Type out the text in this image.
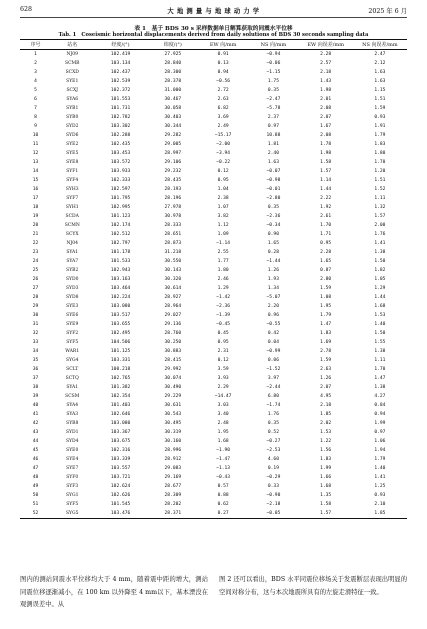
628	大 地 测 量 与 地 球 动 力 学	2025 年 6 月
表 1　基于 BDS 30 s 采样数据单日解算获取的同震水平位移
Tab. 1　Coseismic horizontal displacements derived from daily solutions of BDS 30 seconds sampling data
序号	站名	经度/(°)	纬度/(°)	EW 向/mm	NS 向/mm	EW 向误差/mm	NS 向误差/mm
1	NJ09	102.419	27.925	0.91	−0.94	2.28	2.47
2	SCMB	103.134	28.840	0.13	−0.06	2.57	2.12
3	SCXD	102.437	28.300	0.94	−1.15	2.18	1.63
4	SYE1	102.539	28.378	−0.56	1.75	1.43	1.63
5	SCXJ	102.372	31.000	2.72	0.35	1.98	1.15
6	SYA6	101.553	30.467	2.63	−2.47	2.01	1.51
7	SYB1	101.731	30.058	6.82	−5.78	2.08	1.59
8	SYB0	102.782	30.403	3.69	2.37	2.07	0.93
9	SYD2	103.302	30.344	2.49	0.97	1.67	1.91
10	SYD6	102.288	29.282	−15.17	10.88	2.08	1.79
11	SYE2	102.435	29.005	−2.00	1.81	1.78	1.83
12	SYE5	103.453	28.997	−3.94	2.40	1.98	1.80
13	SYE8	103.572	29.106	−0.22	1.63	1.58	1.70
14	SYF1	103.933	29.232	0.12	−0.07	1.57	1.20
15	SYF4	102.333	28.435	0.95	−0.98	1.14	1.51
16	SYH3	102.597	28.193	1.04	−0.01	1.44	1.52
17	SYF7	101.795	28.196	2.38	−2.80	2.22	1.11
18	SYH1	102.995	27.978	1.07	0.35	1.92	1.32
19	SCDA	101.123	30.978	3.82	−2.36	2.61	1.57
20	SCMN	102.174	28.333	1.12	−0.34	1.70	2.00
21	SCYX	102.512	28.651	1.09	0.90	1.71	1.76
22	NJ04	102.797	28.873	−1.14	1.65	0.95	1.41
23	SYA1	101.178	31.218	2.55	0.28	2.28	1.38
24	SYA7	101.533	30.550	1.77	−1.44	1.65	1.50
25	SYB2	102.943	30.143	1.80	1.26	0.87	1.82
26	SYD0	103.163	30.320	2.46	1.93	2.80	1.05
27	SYD3	103.464	30.614	1.29	1.34	1.59	1.29
28	SYD8	102.224	28.927	−1.42	−5.07	1.08	1.44
29	SYE3	103.080	28.964	−2.36	2.20	1.95	1.68
30	SYE6	103.517	29.027	−1.39	0.96	1.79	1.53
31	SYE9	103.655	29.136	−0.45	−0.55	1.47	1.40
32	SYF2	102.495	28.760	0.45	0.42	1.83	1.50
33	SYF5	104.506	30.250	0.95	0.04	1.69	1.55
34	WAR1	101.125	30.883	2.31	−0.99	2.78	1.38
35	SYG4	103.331	28.415	0.12	0.06	1.59	1.11
36	SCLT	100.218	29.992	3.59	−1.52	2.63	1.70
37	SCTQ	102.765	30.074	3.93	3.97	1.26	1.47
38	SYA1	101.382	30.490	2.29	−2.44	2.07	1.38
39	SCSM	102.354	29.229	−14.47	6.80	4.95	4.27
40	SYA4	101.403	30.631	3.03	−1.74	2.18	0.84
41	SYA3	102.646	30.543	3.40	1.76	1.85	0.94
42	SYB8	103.080	30.495	2.48	0.35	2.02	1.99
43	SYD1	103.367	30.319	1.95	0.52	1.53	0.97
44	SYD4	103.675	30.160	1.68	−0.27	1.22	1.06
45	SYE0	102.316	28.996	−1.90	−2.53	1.56	1.94
46	SYE4	103.339	28.912	−1.47	4.60	1.83	1.79
47	SYE7	103.557	29.083	−1.13	0.19	1.99	1.40
48	SYF0	103.721	29.169	−0.43	−0.29	1.66	1.41
49	SYF3	102.624	28.677	0.57	0.33	1.68	1.25
50	SYG1	102.626	28.309	0.88	−0.90	1.35	0.93
51	SYF5	101.545	28.202	0.62	−2.18	1.58	2.10
52	SYG5	103.476	28.371	0.27	−0.05	1.57	1.85

图内的测站同震水平位移均大于 4 mm，随着震中距的增大，测站同震位移逐渐减小，在 100 km 以外降至 4 mm以下，基本湮没在观测误差中。从

图 2 还可以看出，BDS 水平同震位移场关于发震断层表现出明显的空间对称分布，这与本次地震所具有的左旋走滑特征一致。
